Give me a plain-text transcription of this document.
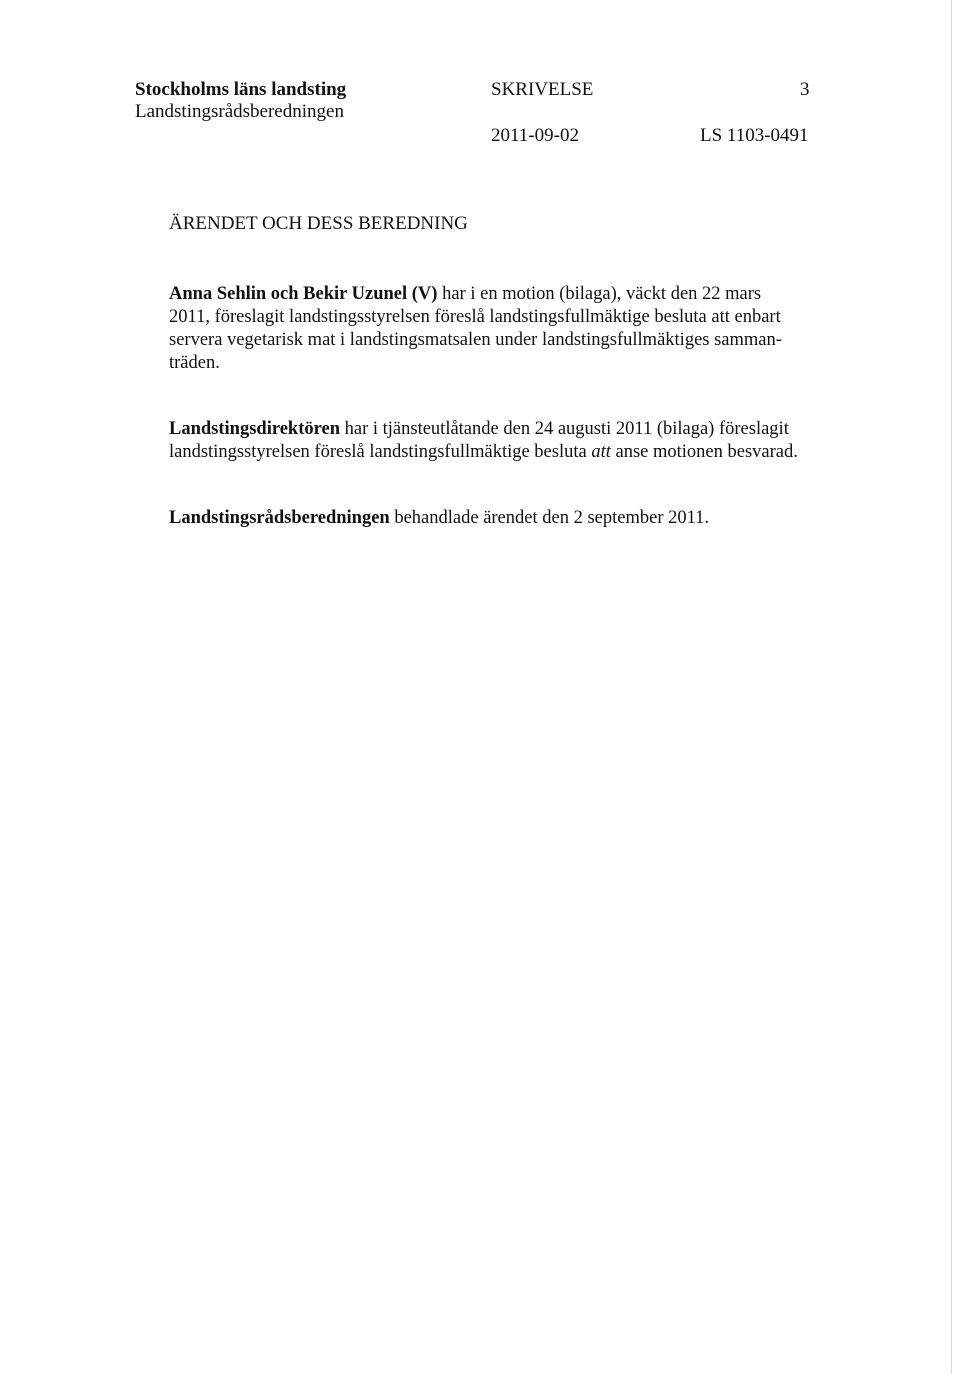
Stockholms läns landsting
Landstingsrådsberedningen
SKRIVELSE	3
2011-09-02	LS 1103-0491
ÄRENDET OCH DESS BEREDNING

Anna Sehlin och Bekir Uzunel (V) har i en motion (bilaga), väckt den 22 mars
2011, föreslagit landstingsstyrelsen föreslå landstingsfullmäktige besluta att enbart
servera vegetarisk mat i landstingsmatsalen under landstingsfullmäktiges samman-
träden.

Landstingsdirektören har i tjänsteutlåtande den 24 augusti 2011 (bilaga) föreslagit
landstingsstyrelsen föreslå landstingsfullmäktige besluta att anse motionen besvarad.

Landstingsrådsberedningen behandlade ärendet den 2 september 2011.
